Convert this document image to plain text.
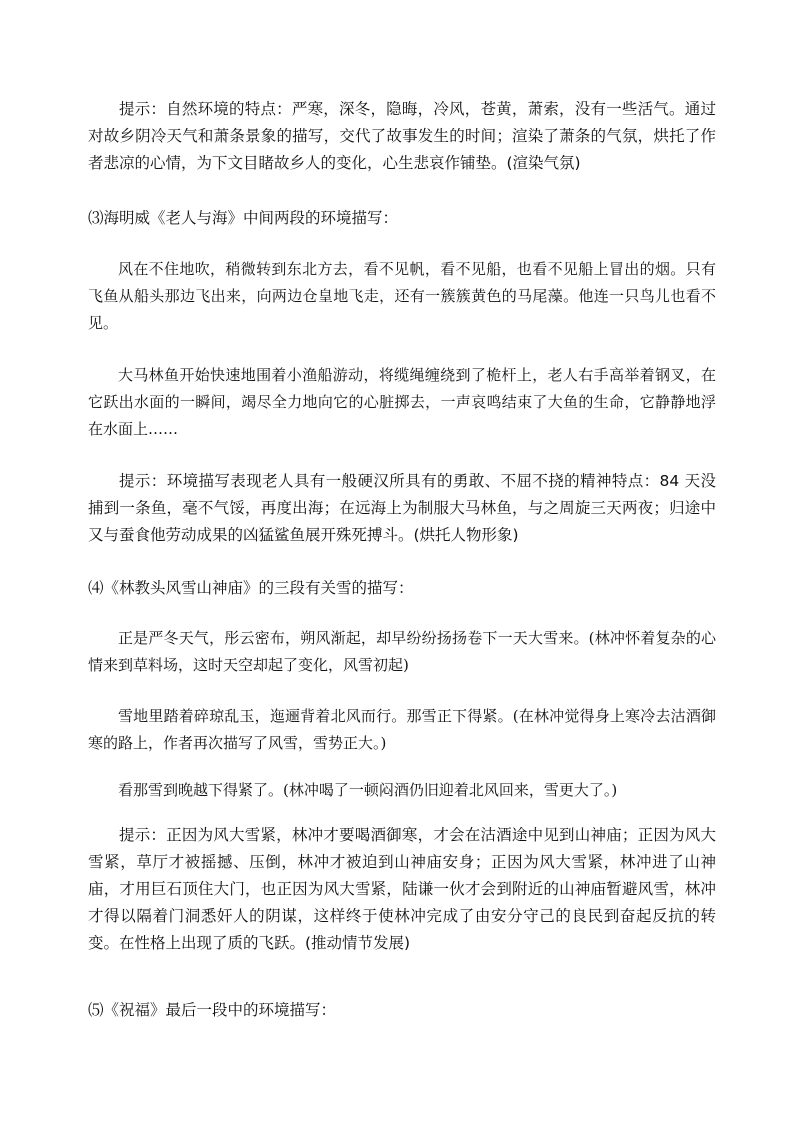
提示：自然环境的特点：严寒，深冬，隐晦，冷风，苍黄，萧索，没有一些活气。通过对故乡阴冷天气和萧条景象的描写，交代了故事发生的时间；渲染了萧条的气氛，烘托了作者悲凉的心情，为下文目睹故乡人的变化，心生悲哀作铺垫。(渲染气氛)

⑶海明威《老人与海》中间两段的环境描写：

风在不住地吹，稍微转到东北方去，看不见帆，看不见船，也看不见船上冒出的烟。只有飞鱼从船头那边飞出来，向两边仓皇地飞走，还有一簇簇黄色的马尾藻。他连一只鸟儿也看不见。

大马林鱼开始快速地围着小渔船游动，将缆绳缠绕到了桅杆上，老人右手高举着钢叉，在它跃出水面的一瞬间，竭尽全力地向它的心脏掷去，一声哀鸣结束了大鱼的生命，它静静地浮在水面上……

提示：环境描写表现老人具有一般硬汉所具有的勇敢、不屈不挠的精神特点：84 天没捕到一条鱼，毫不气馁，再度出海；在远海上为制服大马林鱼，与之周旋三天两夜；归途中又与蚕食他劳动成果的凶猛鲨鱼展开殊死搏斗。(烘托人物形象)

⑷《林教头风雪山神庙》的三段有关雪的描写：

正是严冬天气，彤云密布，朔风渐起，却早纷纷扬扬卷下一天大雪来。(林冲怀着复杂的心情来到草料场，这时天空却起了变化，风雪初起)

雪地里踏着碎琼乱玉，迤逦背着北风而行。那雪正下得紧。(在林冲觉得身上寒冷去沽酒御寒的路上，作者再次描写了风雪，雪势正大。)

看那雪到晚越下得紧了。(林冲喝了一顿闷酒仍旧迎着北风回来，雪更大了。)

提示：正因为风大雪紧，林冲才要喝酒御寒，才会在沽酒途中见到山神庙；正因为风大雪紧，草厅才被摇撼、压倒，林冲才被迫到山神庙安身；正因为风大雪紧，林冲进了山神庙，才用巨石顶住大门，也正因为风大雪紧，陆谦一伙才会到附近的山神庙暂避风雪，林冲才得以隔着门洞悉奸人的阴谋，这样终于使林冲完成了由安分守己的良民到奋起反抗的转变。在性格上出现了质的飞跃。(推动情节发展)

⑸《祝福》最后一段中的环境描写：
